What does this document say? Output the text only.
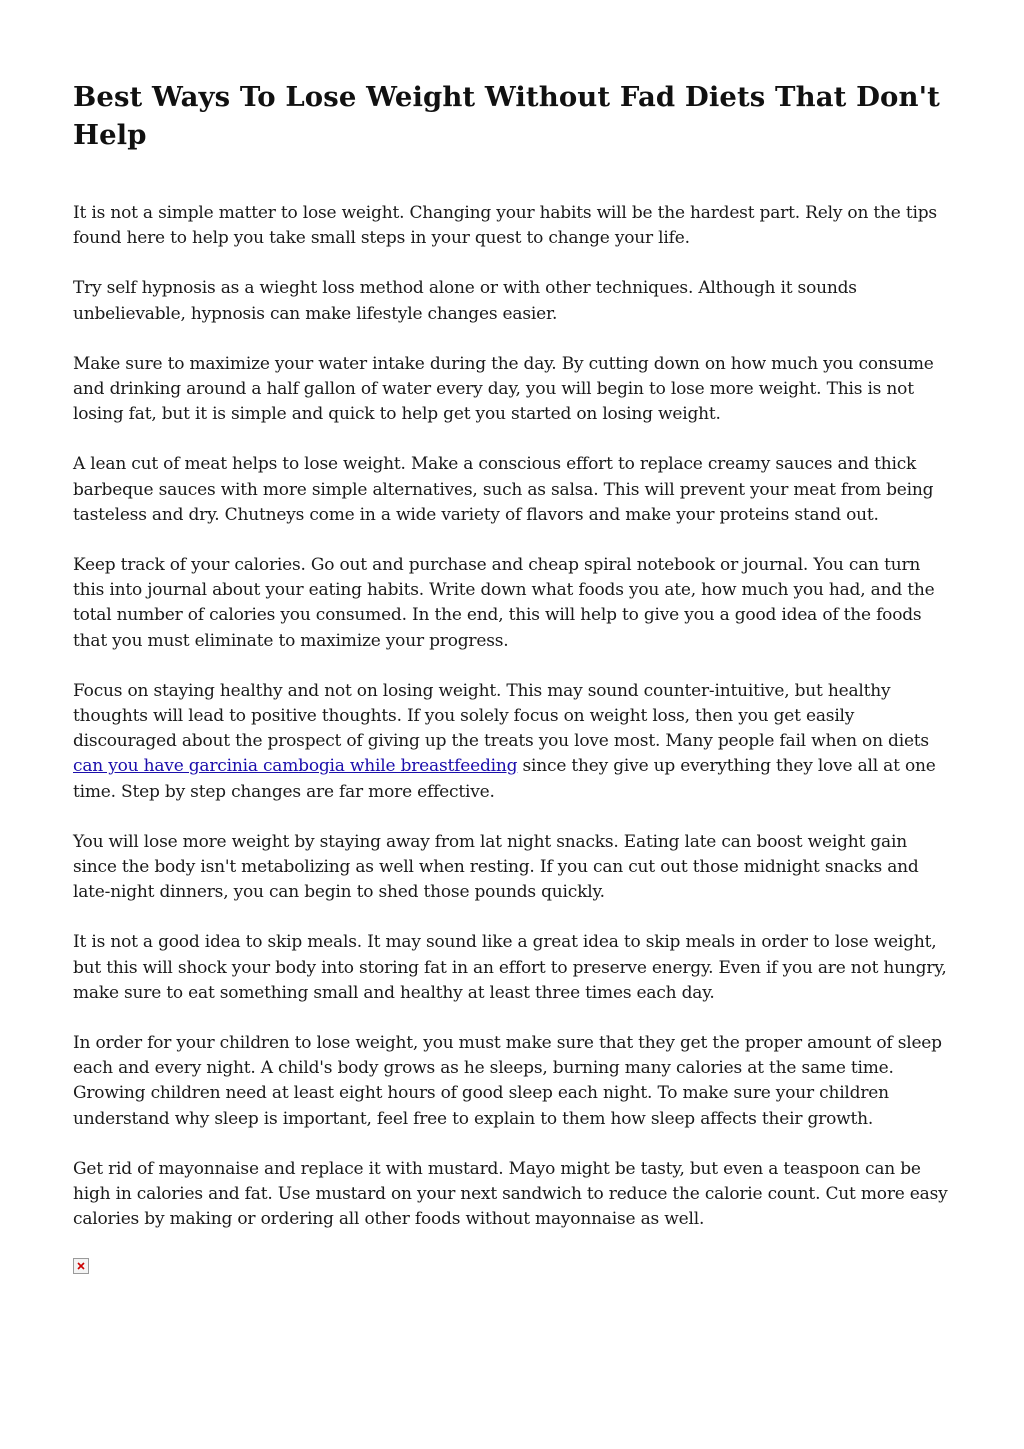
Best Ways To Lose Weight Without Fad Diets That Don't Help

It is not a simple matter to lose weight. Changing your habits will be the hardest part. Rely on the tips found here to help you take small steps in your quest to change your life.

Try self hypnosis as a wieght loss method alone or with other techniques. Although it sounds unbelievable, hypnosis can make lifestyle changes easier.

Make sure to maximize your water intake during the day. By cutting down on how much you consume and drinking around a half gallon of water every day, you will begin to lose more weight. This is not losing fat, but it is simple and quick to help get you started on losing weight.

A lean cut of meat helps to lose weight. Make a conscious effort to replace creamy sauces and thick barbeque sauces with more simple alternatives, such as salsa. This will prevent your meat from being tasteless and dry. Chutneys come in a wide variety of flavors and make your proteins stand out.

Keep track of your calories. Go out and purchase and cheap spiral notebook or journal. You can turn this into journal about your eating habits. Write down what foods you ate, how much you had, and the total number of calories you consumed. In the end, this will help to give you a good idea of the foods that you must eliminate to maximize your progress.

Focus on staying healthy and not on losing weight. This may sound counter-intuitive, but healthy thoughts will lead to positive thoughts. If you solely focus on weight loss, then you get easily discouraged about the prospect of giving up the treats you love most. Many people fail when on diets can you have garcinia cambogia while breastfeeding since they give up everything they love all at one time. Step by step changes are far more effective.

You will lose more weight by staying away from lat night snacks. Eating late can boost weight gain since the body isn't metabolizing as well when resting. If you can cut out those midnight snacks and late-night dinners, you can begin to shed those pounds quickly.

It is not a good idea to skip meals. It may sound like a great idea to skip meals in order to lose weight, but this will shock your body into storing fat in an effort to preserve energy. Even if you are not hungry, make sure to eat something small and healthy at least three times each day.

In order for your children to lose weight, you must make sure that they get the proper amount of sleep each and every night. A child's body grows as he sleeps, burning many calories at the same time. Growing children need at least eight hours of good sleep each night. To make sure your children understand why sleep is important, feel free to explain to them how sleep affects their growth.

Get rid of mayonnaise and replace it with mustard. Mayo might be tasty, but even a teaspoon can be high in calories and fat. Use mustard on your next sandwich to reduce the calorie count. Cut more easy calories by making or ordering all other foods without mayonnaise as well.
